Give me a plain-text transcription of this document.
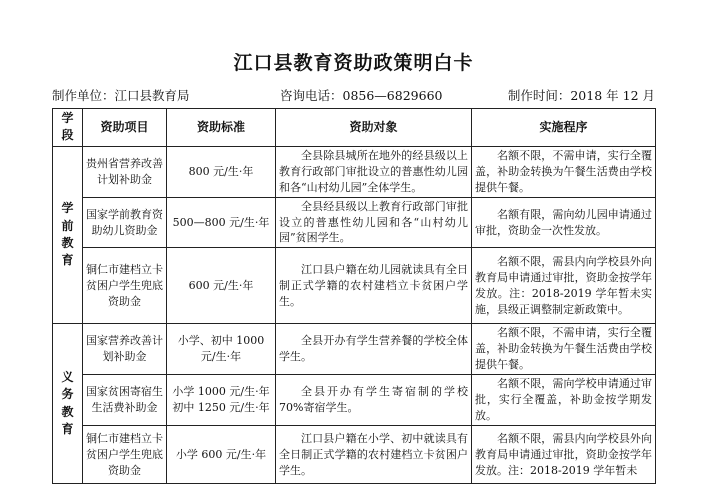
江口县教育资助政策明白卡
制作单位：江口县教育局	咨询电话：0856—6829660	制作时间：2018 年 12 月
学段	资助项目	资助标准	资助对象	实施程序
学前教育	贵州省营养改善计划补助金	800 元/生·年	全县除县城所在地外的经县级以上教育行政部门审批设立的普惠性幼儿园和各“山村幼儿园”全体学生。	名额不限，不需申请，实行全覆盖，补助金转换为午餐生活费由学校提供午餐。
	国家学前教育资助幼儿资助金	500—800 元/生·年	全县经县级以上教育行政部门审批设立的普惠性幼儿园和各“山村幼儿园”贫困学生。	名额有限，需向幼儿园申请通过审批，资助金一次性发放。
	铜仁市建档立卡贫困户学生兜底资助金	600 元/生·年	江口县户籍在幼儿园就读具有全日制正式学籍的农村建档立卡贫困户学生。	名额不限，需县内向学校县外向教育局申请通过审批，资助金按学年发放。注：2018-2019 学年暂未实施，县级正调整制定新政策中。
义务教育	国家营养改善计划补助金	小学、初中 1000 元/生·年	全县开办有学生营养餐的学校全体学生。	名额不限，不需申请，实行全覆盖，补助金转换为午餐生活费由学校提供午餐。
	国家贫困寄宿生生活费补助金	小学 1000 元/生·年 初中 1250 元/生·年	全县开办有学生寄宿制的学校 70%寄宿学生。	名额不限，需向学校申请通过审批，实行全覆盖，补助金按学期发放。
	铜仁市建档立卡贫困户学生兜底资助金	小学 600 元/生·年	江口县户籍在小学、初中就读具有全日制正式学籍的农村建档立卡贫困户学生。	名额不限，需县内向学校县外向教育局申请通过审批，资助金按学年发放。注：2018-2019 学年暂未
